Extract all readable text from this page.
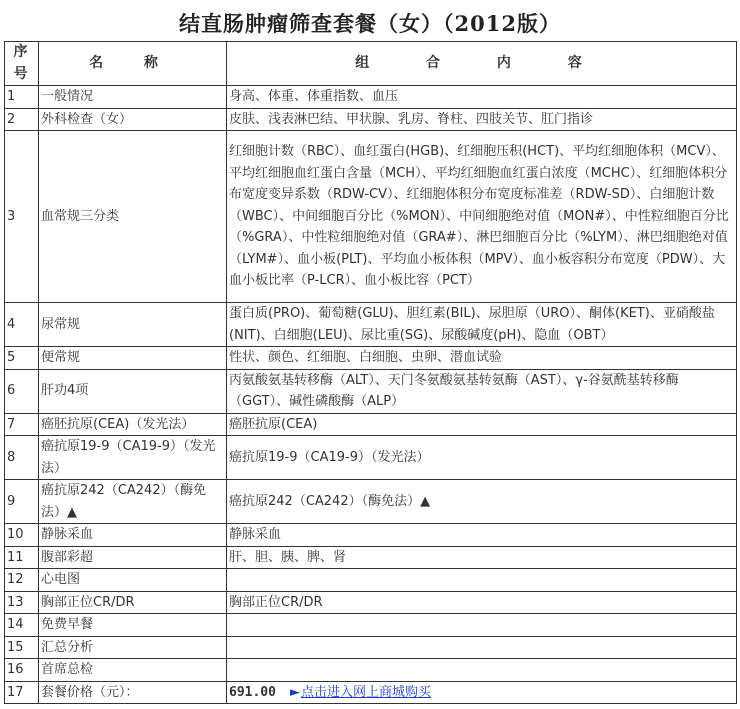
结直肠肿瘤筛查套餐（女）（2012版）
序号	名 称	组 合 内 容
1	一般情况	身高、体重、体重指数、血压
2	外科检查（女）	皮肤、浅表淋巴结、甲状腺、乳房、脊柱、四肢关节、肛门指诊
3	血常规三分类	红细胞计数（RBC）、血红蛋白(HGB)、红细胞压积(HCT)、平均红细胞体积（MCV）、平均红细胞血红蛋白含量（MCH）、平均红细胞血红蛋白浓度（MCHC）、红细胞体积分布宽度变异系数（RDW-CV）、红细胞体积分布宽度标准差（RDW-SD）、白细胞计数（WBC）、中间细胞百分比（%MON）、中间细胞绝对值（MON#）、中性粒细胞百分比（%GRA）、中性粒细胞绝对值（GRA#）、淋巴细胞百分比（%LYM）、淋巴细胞绝对值（LYM#）、血小板(PLT)、平均血小板体积（MPV）、血小板容积分布宽度（PDW）、大血小板比率（P-LCR）、血小板比容（PCT）
4	尿常规	蛋白质(PRO)、葡萄糖(GLU)、胆红素(BIL)、尿胆原（URO）、酮体(KET)、亚硝酸盐(NIT)、白细胞(LEU)、尿比重(SG)、尿酸碱度(pH)、隐血（OBT）
5	便常规	性状、颜色、红细胞、白细胞、虫卵、潜血试验
6	肝功4项	丙氨酸氨基转移酶（ALT）、天门冬氨酸氨基转氨酶（AST）、γ-谷氨酰基转移酶（GGT）、碱性磷酸酶（ALP）
7	癌胚抗原(CEA)（发光法）	癌胚抗原(CEA)
8	癌抗原19-9（CA19-9）（发光法）	癌抗原19-9（CA19-9）（发光法）
9	癌抗原242（CA242）（酶免法）▲	癌抗原242（CA242）（酶免法）▲
10	静脉采血	静脉采血
11	腹部彩超	肝、胆、胰、脾、肾
12	心电图	
13	胸部正位CR/DR	胸部正位CR/DR
14	免费早餐	
15	汇总分析	
16	首席总检	
17	套餐价格（元）：	691.00 ►点击进入网上商城购买
